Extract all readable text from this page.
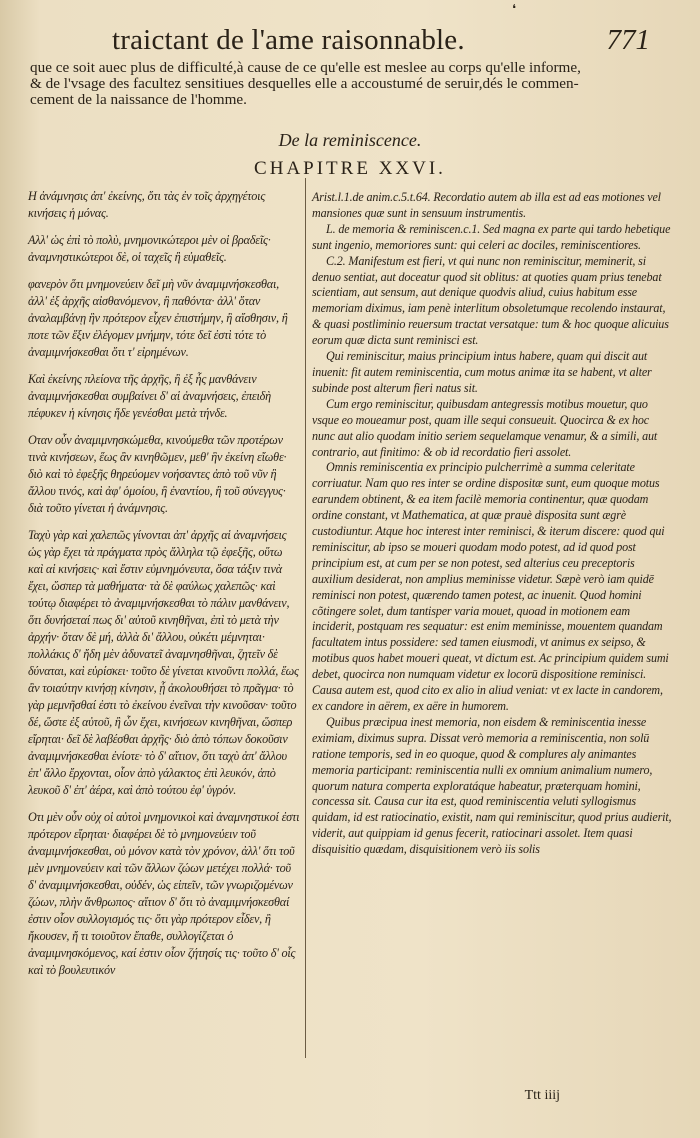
❛
traictant de l'ame raisonnable.	771
que ce soit auec plus de difficulté,à cause de ce qu'elle est meslee au corps qu'elle informe,
& de l'vsage des facultez sensitiues desquelles elle a accoustumé de seruir,dés le commen-
cement de la naissance de l'homme.
De la reminiscence.
CHAPITRE XXVI.

Η ἀνάμνησις ἀπ' ἐκείνης, ὅτι τὰς ἐν τοῖς ἀρχηγέτοις κινήσεις ἡ μόνας.

Αλλ' ὡς ἐπὶ τὸ πολὺ, μνημονικώτεροι μὲν οἱ βραδεῖς· ἀναμνηστικώτεροι δὲ, οἱ ταχεῖς ἢ εὐμαθεῖς.

φανερὸν ὅτι μνημονεύειν δεῖ μὴ νῦν ἀναμιμνήσκεσθαι, ἀλλ' ἐξ ἀρχῆς αἰσθανόμενον, ἢ παθόντα· ἀλλ' ὅταν ἀναλαμβάνῃ ἣν πρότερον εἶχεν ἐπιστήμην, ἢ αἴσθησιν, ἢ ποτε τῶν ἕξιν ἐλέγομεν μνήμην, τότε δεῖ ἐστὶ τότε τὸ ἀναμιμνήσκεσθαι ὅτι τ' εἰρημένων.

Καὶ ἐκείνης πλείονα τῆς ἀρχῆς, ἢ ἐξ ἧς μανθάνειν ἀναμιμνήσκεσθαι συμβαίνει δ' αἱ ἀναμνήσεις, ἐπειδὴ πέφυκεν ἡ κίνησις ἥδε γενέσθαι μετὰ τήνδε.

Οταν οὖν ἀναμιμνησκώμεθα, κινούμεθα τῶν προτέρων τινὰ κινήσεων, ἕως ἂν κινηθῶμεν, μεθ' ἣν ἐκείνη εἴωθε· διὸ καὶ τὸ ἐφεξῆς θηρεύομεν νοήσαντες ἀπὸ τοῦ νῦν ἢ ἄλλου τινός, καὶ ἀφ' ὁμοίου, ἢ ἐναντίου, ἢ τοῦ σύνεγγυς· διὰ τοῦτο γίνεται ἡ ἀνάμνησις.

Ταχὺ γὰρ καὶ χαλεπῶς γίνονται ἀπ' ἀρχῆς αἱ ἀναμνήσεις ὡς γὰρ ἔχει τὰ πράγματα πρὸς ἄλληλα τῷ ἐφεξῆς, οὕτω καὶ αἱ κινήσεις· καὶ ἔστιν εὐμνημόνευτα, ὅσα τάξιν τινὰ ἔχει, ὥσπερ τὰ μαθήματα· τὰ δὲ φαύλως χαλεπῶς· καὶ τούτῳ διαφέρει τὸ ἀναμιμνήσκεσθαι τὸ πάλιν μανθάνειν, ὅτι δυνήσεταί πως δι' αὐτοῦ κινηθῆναι, ἐπὶ τὸ μετὰ τὴν ἀρχήν· ὅταν δὲ μή, ἀλλὰ δι' ἄλλου, οὐκέτι μέμνηται· πολλάκις δ' ἤδη μὲν ἀδυνατεῖ ἀναμνησθῆναι, ζητεῖν δὲ δύναται, καὶ εὑρίσκει· τοῦτο δὲ γίνεται κινοῦντι πολλά, ἕως ἂν τοιαύτην κινήσῃ κίνησιν, ᾗ ἀκολουθήσει τὸ πρᾶγμα· τὸ γὰρ μεμνῆσθαί ἐστι τὸ ἐκείνου ἐνεῖναι τὴν κινοῦσαν· τοῦτο δέ, ὥστε ἐξ αὐτοῦ, ἢ ὧν ἔχει, κινήσεων κινηθῆναι, ὥσπερ εἴρηται· δεῖ δὲ λαβέσθαι ἀρχῆς· διὸ ἀπὸ τόπων δοκοῦσιν ἀναμιμνήσκεσθαι ἐνίοτε· τὸ δ' αἴτιον, ὅτι ταχὺ ἀπ' ἄλλου ἐπ' ἄλλο ἔρχονται, οἷον ἀπὸ γάλακτος ἐπὶ λευκόν, ἀπὸ λευκοῦ δ' ἐπ' ἀέρα, καὶ ἀπὸ τούτου ἐφ' ὑγρόν.

Οτι μὲν οὖν οὐχ οἱ αὐτοὶ μνημονικοὶ καὶ ἀναμνηστικοί ἐστι πρότερον εἴρηται· διαφέρει δὲ τὸ μνημονεύειν τοῦ ἀναμιμνήσκεσθαι, οὐ μόνον κατὰ τὸν χρόνον, ἀλλ' ὅτι τοῦ μὲν μνημονεύειν καὶ τῶν ἄλλων ζώων μετέχει πολλά· τοῦ δ' ἀναμιμνήσκεσθαι, οὐδέν, ὡς εἰπεῖν, τῶν γνωριζομένων ζώων, πλὴν ἄνθρωπος· αἴτιον δ' ὅτι τὸ ἀναμιμνήσκεσθαί ἐστιν οἷον συλλογισμός τις· ὅτι γὰρ πρότερον εἶδεν, ἢ ἤκουσεν, ἤ τι τοιοῦτον ἔπαθε, συλλογίζεται ὁ ἀναμιμνησκόμενος, καί ἐστιν οἷον ζήτησίς τις· τοῦτο δ' οἷς καὶ τὸ βουλευτικόν

Arist.l.1.de anim.c.5.t.64. Recordatio autem ab illa est ad eas motiones vel mansiones quæ sunt in sensuum instrumentis.

L. de memoria & reminiscen.c.1. Sed magna ex parte qui tardo hebetique sunt ingenio, memoriores sunt: qui celeri ac dociles, reminiscentiores.

C.2. Manifestum est fieri, vt qui nunc non reminiscitur, meminerit, si denuo sentiat, aut doceatur quod sit oblitus: at quoties quam prius tenebat scientiam, aut sensum, aut denique quodvis aliud, cuius habitum esse memoriam diximus, iam penè interlitum obsoletumque recolendo instaurat, & quasi postliminio reuersum tractat versatque: tum & hoc quoque alicuius eorum quæ dicta sunt reminisci est.

Qui reminiscitur, maius principium intus habere, quam qui discit aut inuenit: fit autem reminiscentia, cum motus animæ ita se habent, vt alter subinde post alterum fieri natus sit.

Cum ergo reminiscitur, quibusdam antegressis motibus mouetur, quo vsque eo moueamur post, quam ille sequi consueuit. Quocirca & ex hoc nunc aut alio quodam initio seriem sequelamque venamur, & a simili, aut contrario, aut finitimo: & ob id recordatio fieri assolet.

Omnis reminiscentia ex principio pulcherrimè a summa celeritate corriuatur. Nam quo res inter se ordine dispositæ sunt, eum quoque motus earundem obtinent, & ea item facilè memoria continentur, quæ quodam ordine constant, vt Mathematica, at quæ prauè disposita sunt ægrè custodiuntur. Atque hoc interest inter reminisci, & iterum discere: quod qui reminiscitur, ab ipso se moueri quodam modo potest, ad id quod post principium est, at cum per se non potest, sed alterius ceu preceptoris auxilium desiderat, non amplius meminisse videtur. Sæpè verò iam quidē reminisci non potest, quærendo tamen potest, ac inuenit. Quod homini cõtingere solet, dum tantisper varia mouet, quoad in motionem eam inciderit, postquam res sequatur: est enim meminisse, mouentem quandam facultatem intus possidere: sed tamen eiusmodi, vt animus ex seipso, & motibus quos habet moueri queat, vt dictum est. Ac principium quidem sumi debet, quocirca non numquam videtur ex locorū dispositione reminisci. Causa autem est, quod cito ex alio in aliud veniat: vt ex lacte in candorem, ex candore in aërem, ex aëre in humorem.

Quibus præcipua inest memoria, non eisdem & reminiscentia inesse eximiam, diximus supra. Dissat verò memoria a reminiscentia, non solū ratione temporis, sed in eo quoque, quod & complures aly animantes memoria participant: reminiscentia nulli ex omnium animalium numero, quorum natura comperta exploratáque habeatur, præterquam homini, concessa sit. Causa cur ita est, quod reminiscentia veluti syllogismus quidam, id est ratiocinatio, existit, nam qui reminiscitur, quod prius audierit, viderit, aut quippiam id genus fecerit, ratiocinari assolet. Item quasi disquisitio quædam, disquisitionem verò iis solis

Ttt iiij
